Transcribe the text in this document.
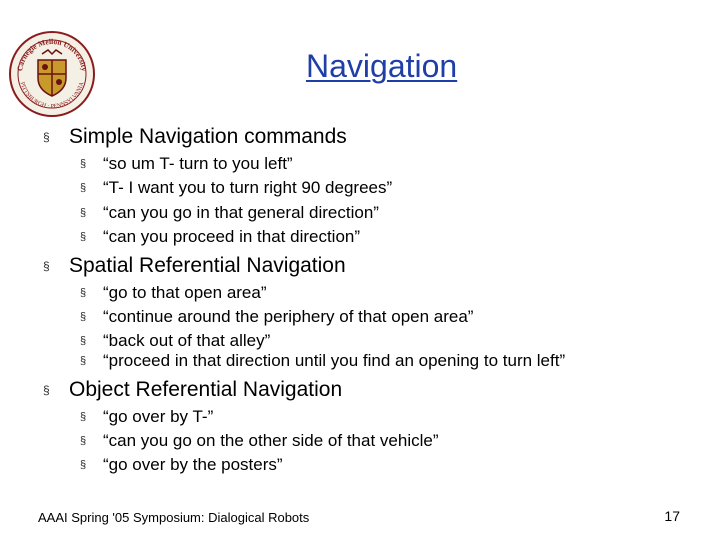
Carnegie Mellon University
PITTSBURGH · PENNSYLVANIA
Navigation
§ Simple Navigation commands
§ “so um T- turn to you left”
§ “T- I want you to turn right 90 degrees”
§ “can you go in that general direction”
§ “can you proceed in that direction”
§ Spatial Referential Navigation
§ “go to that open area”
§ “continue around the periphery of that open area”
§ “back out of that alley”
§ “proceed in that direction until you find an opening to turn left”
§ Object Referential Navigation
§ “go over by T-”
§ “can you go on the other side of that vehicle”
§ “go over by the posters”
AAAI Spring '05 Symposium: Dialogical Robots	17
